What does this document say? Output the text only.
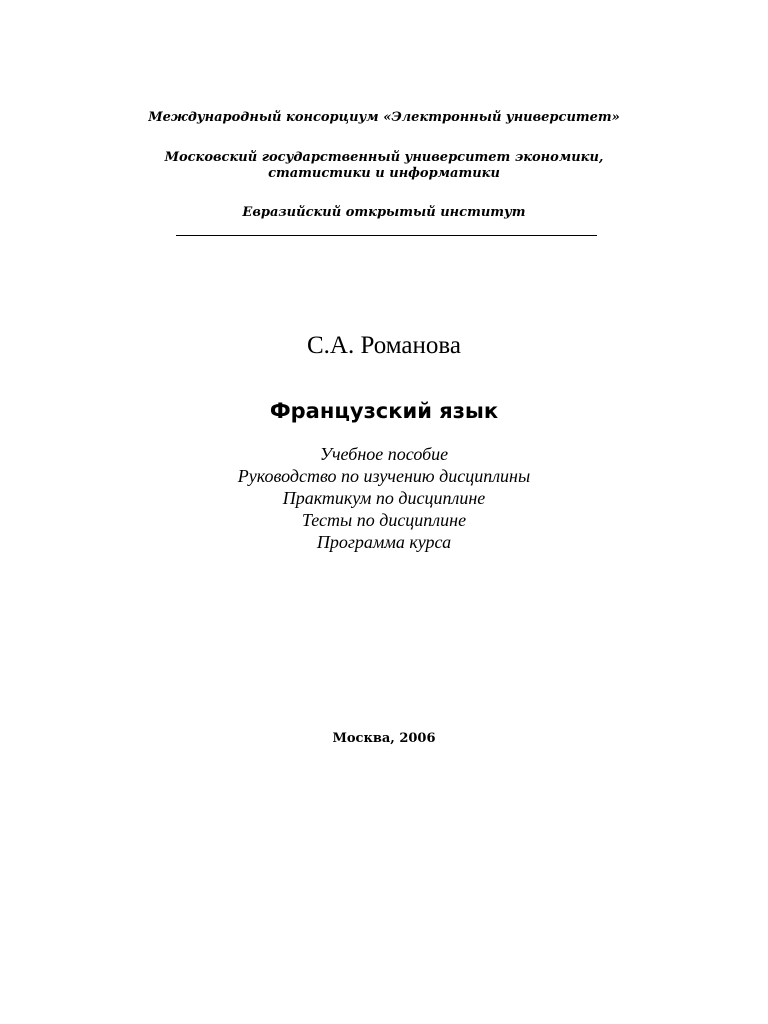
Международный консорциум «Электронный университет»

Московский государственный университет экономики,

статистики и информатики

Евразийский открытый институт

С.А. Романова

Французский язык

Учебное пособие

Руководство по изучению дисциплины

Практикум по дисциплине

Тесты по дисциплине

Программа курса

Москва, 2006
